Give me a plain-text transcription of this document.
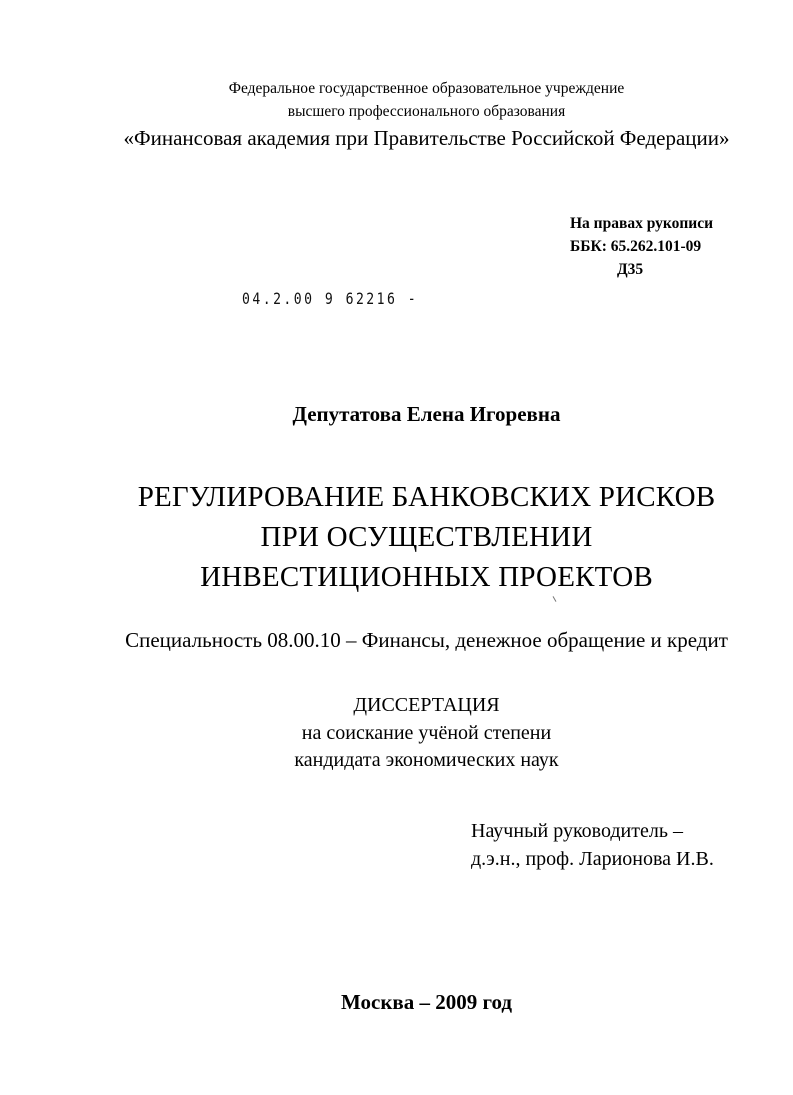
Федеральное государственное образовательное учреждение
высшего профессионального образования
«Финансовая академия при Правительстве Российской Федерации»
На правах рукописи
ББК: 65.262.101-09
Д35
04.2.00 9 62216 -
Депутатова Елена Игоревна
РЕГУЛИРОВАНИЕ БАНКОВСКИХ РИСКОВ
ПРИ ОСУЩЕСТВЛЕНИИ
ИНВЕСТИЦИОННЫХ ПРОЕКТОВ
Специальность 08.00.10 – Финансы, денежное обращение и кредит
ДИССЕРТАЦИЯ
на соискание учёной степени
кандидата экономических наук
Научный руководитель –
д.э.н., проф. Ларионова И.В.
Москва – 2009 год
